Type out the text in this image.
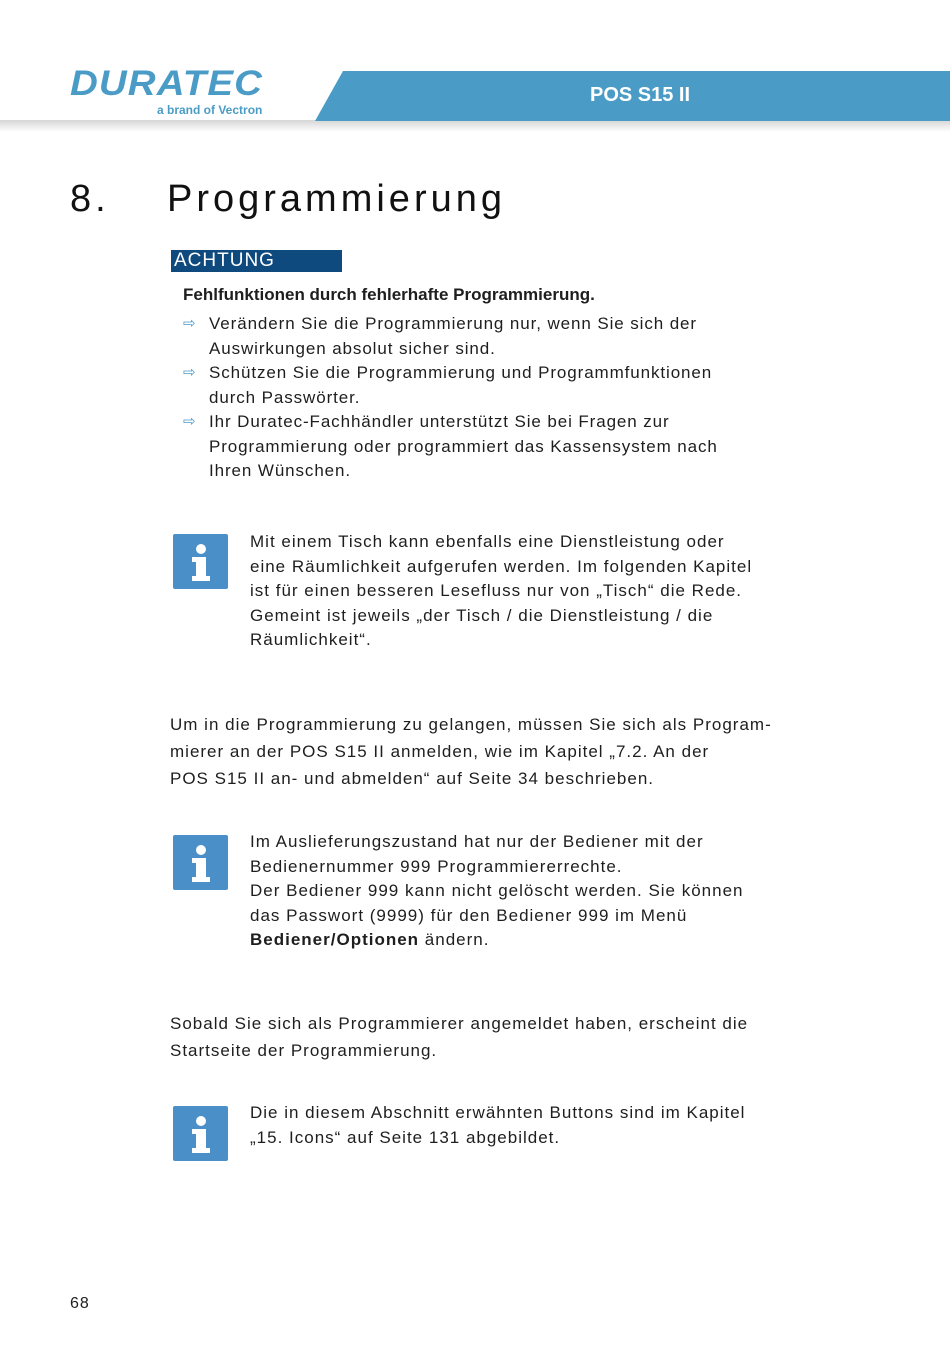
POS S15 II
DURATEC
a brand of Vectron
8. Programmierung
ACHTUNG
Fehlfunktionen durch fehlerhafte Programmierung.
⇨ Verändern Sie die Programmierung nur, wenn Sie sich der
Auswirkungen absolut sicher sind.
⇨ Schützen Sie die Programmierung und Programmfunktionen
durch Passwörter.
⇨ Ihr Duratec-Fachhändler unterstützt Sie bei Fragen zur
Programmierung oder programmiert das Kassensystem nach
Ihren Wünschen.
Mit einem Tisch kann ebenfalls eine Dienstleistung oder
eine Räumlichkeit aufgerufen werden. Im folgenden Kapitel
ist für einen besseren Lesefluss nur von „Tisch“ die Rede.
Gemeint ist jeweils „der Tisch / die Dienstleistung / die
Räumlichkeit“.
Um in die Programmierung zu gelangen, müssen Sie sich als Program-
mierer an der POS S15 II anmelden, wie im Kapitel „7.2. An der
POS S15 II an- und abmelden“ auf Seite 34 beschrieben.
Im Auslieferungszustand hat nur der Bediener mit der
Bedienernummer 999 Programmiererrechte.
Der Bediener 999 kann nicht gelöscht werden. Sie können
das Passwort (9999) für den Bediener 999 im Menü
Bediener/Optionen ändern.
Sobald Sie sich als Programmierer angemeldet haben, erscheint die
Startseite der Programmierung.
Die in diesem Abschnitt erwähnten Buttons sind im Kapitel
„15. Icons“ auf Seite 131 abgebildet.
68
